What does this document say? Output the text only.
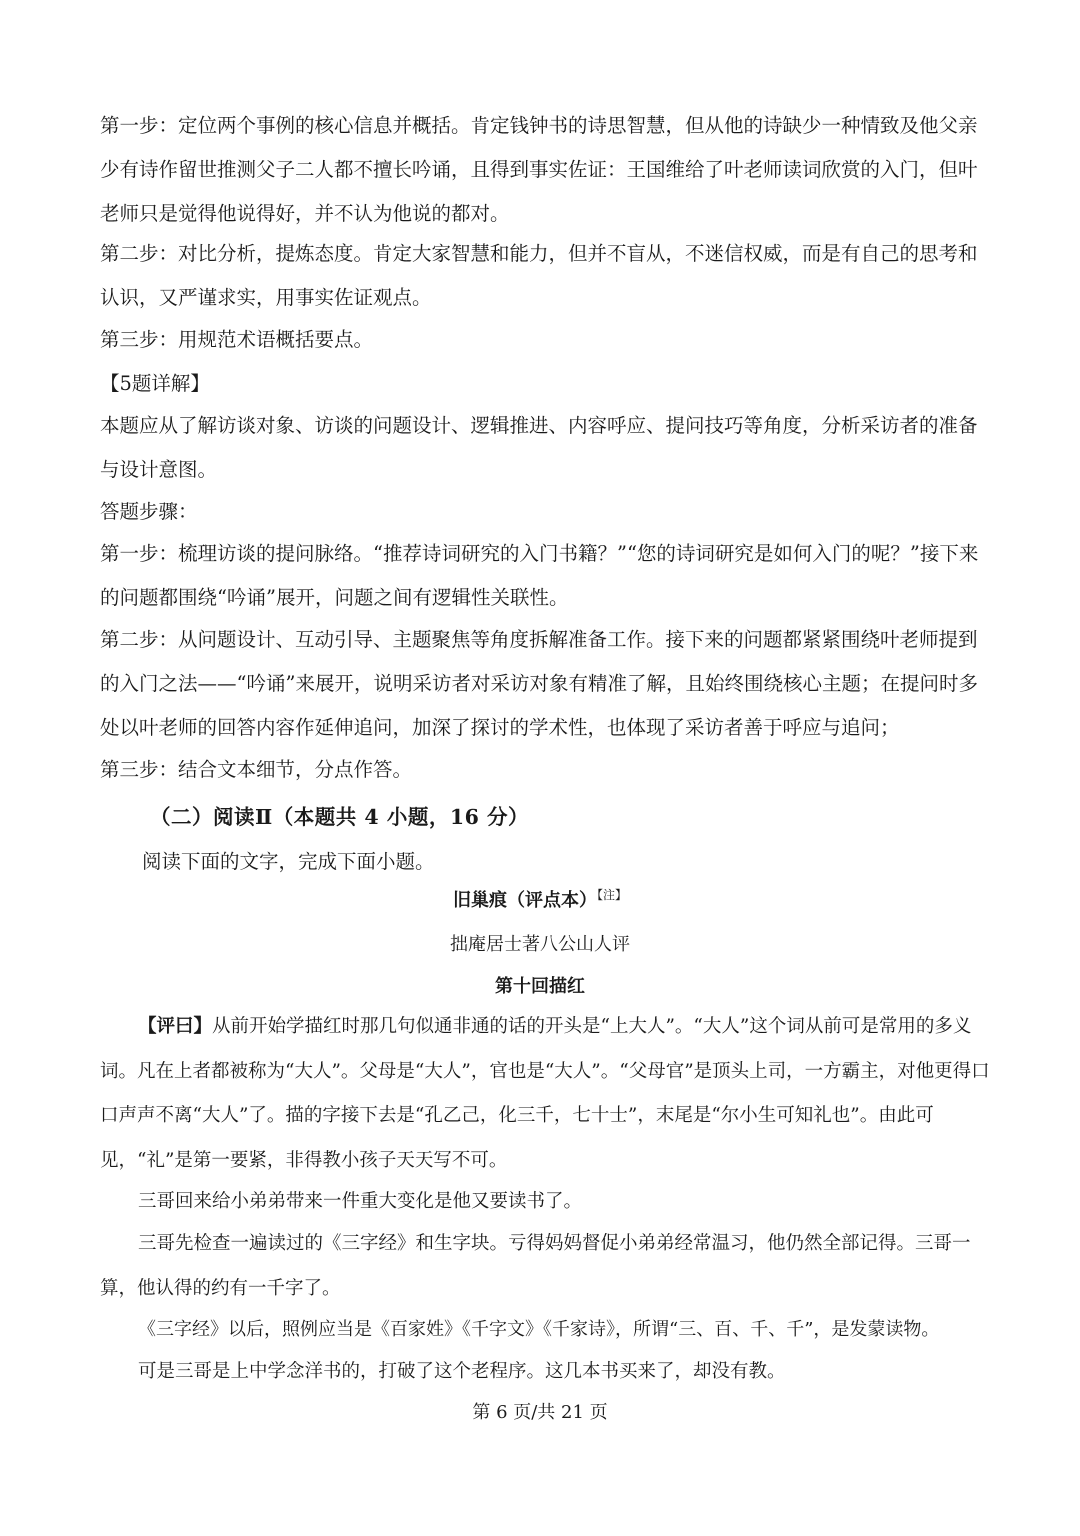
第一步：定位两个事例的核心信息并概括。肯定钱钟书的诗思智慧，但从他的诗缺少一种情致及他父亲少有诗作留世推测父子二人都不擅长吟诵，且得到事实佐证：王国维给了叶老师读词欣赏的入门，但叶老师只是觉得他说得好，并不认为他说的都对。

第二步：对比分析，提炼态度。肯定大家智慧和能力，但并不盲从，不迷信权威，而是有自己的思考和认识，又严谨求实，用事实佐证观点。

第三步：用规范术语概括要点。

【5题详解】

本题应从了解访谈对象、访谈的问题设计、逻辑推进、内容呼应、提问技巧等角度，分析采访者的准备与设计意图。

答题步骤：

第一步：梳理访谈的提问脉络。“推荐诗词研究的入门书籍？”“您的诗词研究是如何入门的呢？”接下来的问题都围绕“吟诵”展开，问题之间有逻辑性关联性。

第二步：从问题设计、互动引导、主题聚焦等角度拆解准备工作。接下来的问题都紧紧围绕叶老师提到的入门之法——“吟诵”来展开，说明采访者对采访对象有精准了解，且始终围绕核心主题；在提问时多处以叶老师的回答内容作延伸追问，加深了探讨的学术性，也体现了采访者善于呼应与追问；

第三步：结合文本细节，分点作答。

（二）阅读Ⅱ（本题共 4 小题，16 分）
阅读下面的文字，完成下面小题。
旧巢痕（评点本）$^{【注】}$
拙庵居士著八公山人评
第十回描红

【评曰】从前开始学描红时那几句似通非通的话的开头是“上大人”。“大人”这个词从前可是常用的多义词。凡在上者都被称为“大人”。父母是“大人”，官也是“大人”。“父母官”是顶头上司，一方霸主，对他更得口口声声不离“大人”了。描的字接下去是“孔乙己，化三千，七十士”，末尾是“尔小生可知礼也”。由此可见，“礼”是第一要紧，非得教小孩子天天写不可。

三哥回来给小弟弟带来一件重大变化是他又要读书了。

三哥先检查一遍读过的《三字经》和生字块。亏得妈妈督促小弟弟经常温习，他仍然全部记得。三哥一算，他认得的约有一千字了。

《三字经》以后，照例应当是《百家姓》《千字文》《千家诗》，所谓“三、百、千、千”，是发蒙读物。

可是三哥是上中学念洋书的，打破了这个老程序。这几本书买来了，却没有教。

第 6 页/共 21 页
